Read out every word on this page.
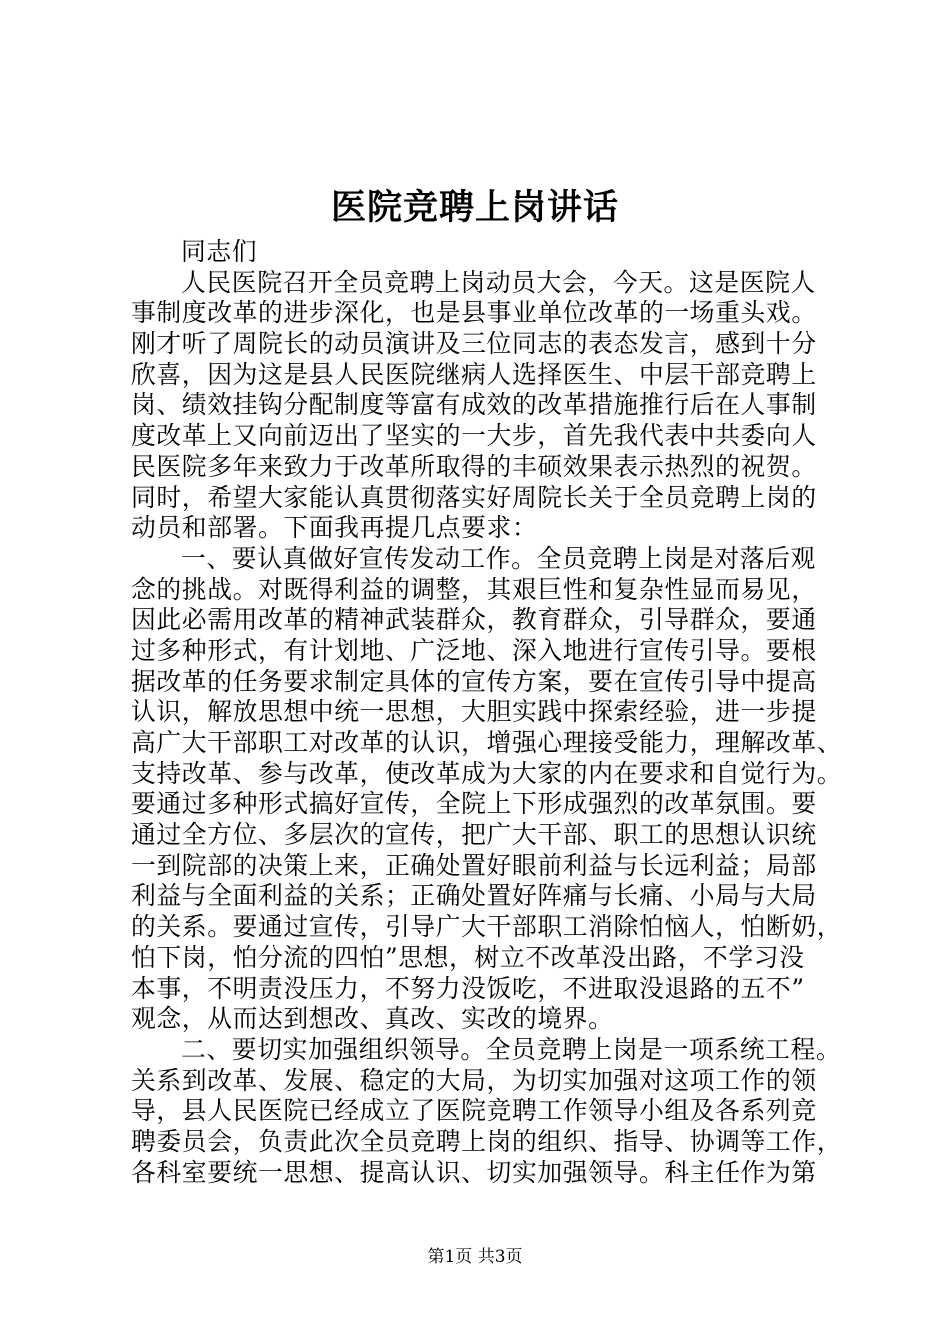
医院竞聘上岗讲话
同志们
人民医院召开全员竞聘上岗动员大会，今天。这是医院人
事制度改革的进步深化，也是县事业单位改革的一场重头戏。
刚才听了周院长的动员演讲及三位同志的表态发言，感到十分
欣喜，因为这是县人民医院继病人选择医生、中层干部竞聘上
岗、绩效挂钩分配制度等富有成效的改革措施推行后在人事制
度改革上又向前迈出了坚实的一大步，首先我代表中共委向人
民医院多年来致力于改革所取得的丰硕效果表示热烈的祝贺。
同时，希望大家能认真贯彻落实好周院长关于全员竞聘上岗的
动员和部署。下面我再提几点要求：
一、要认真做好宣传发动工作。全员竞聘上岗是对落后观
念的挑战。对既得利益的调整，其艰巨性和复杂性显而易见，
因此必需用改革的精神武装群众，教育群众，引导群众，要通
过多种形式，有计划地、广泛地、深入地进行宣传引导。要根
据改革的任务要求制定具体的宣传方案，要在宣传引导中提高
认识，解放思想中统一思想，大胆实践中探索经验，进一步提
高广大干部职工对改革的认识，增强心理接受能力，理解改革、
支持改革、参与改革，使改革成为大家的内在要求和自觉行为。
要通过多种形式搞好宣传，全院上下形成强烈的改革氛围。要
通过全方位、多层次的宣传，把广大干部、职工的思想认识统
一到院部的决策上来，正确处置好眼前利益与长远利益；局部
利益与全面利益的关系；正确处置好阵痛与长痛、小局与大局
的关系。要通过宣传，引导广大干部职工消除怕恼人，怕断奶，
怕下岗，怕分流的四怕”思想，树立不改革没出路，不学习没
本事，不明责没压力，不努力没饭吃，不进取没退路的五不”
观念，从而达到想改、真改、实改的境界。
二、要切实加强组织领导。全员竞聘上岗是一项系统工程。
关系到改革、发展、稳定的大局，为切实加强对这项工作的领
导，县人民医院已经成立了医院竞聘工作领导小组及各系列竞
聘委员会，负责此次全员竞聘上岗的组织、指导、协调等工作，
各科室要统一思想、提高认识、切实加强领导。科主任作为第
第1页 共3页
